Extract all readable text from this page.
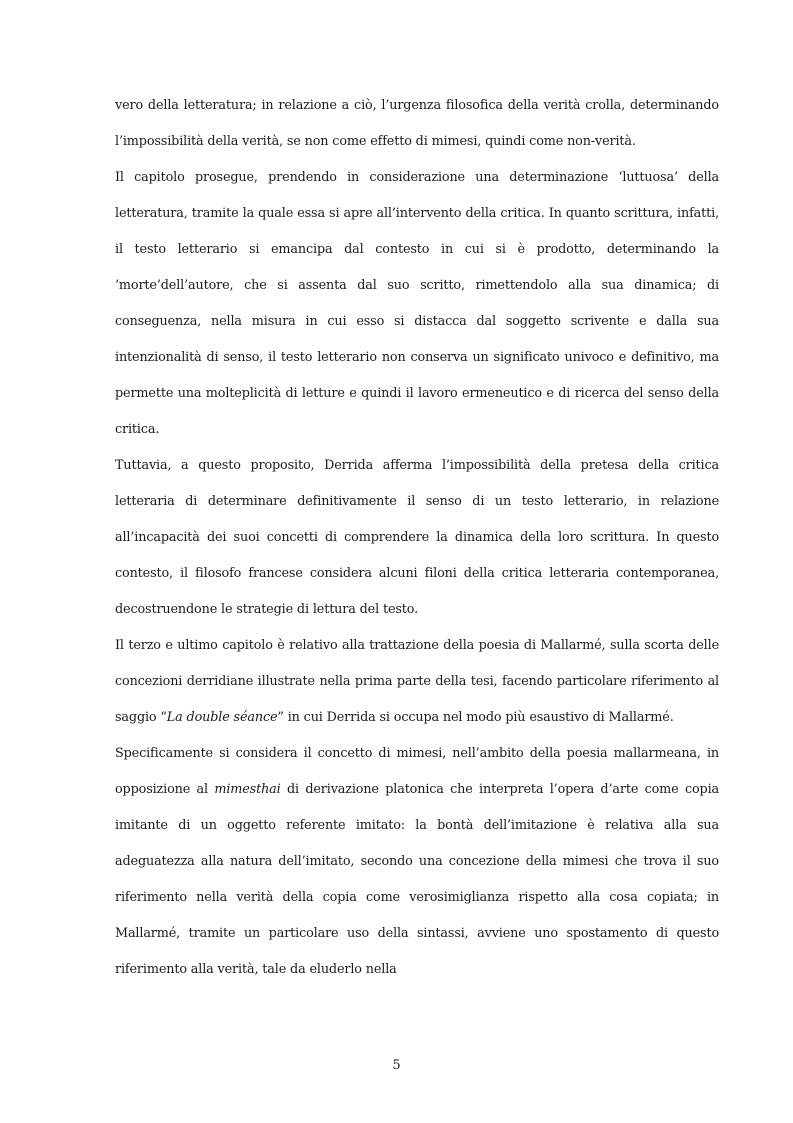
vero della letteratura; in relazione a ciò, l’urgenza filosofica della verità crolla, determinando l’impossibilità della verità, se non come effetto di mimesi, quindi come non-verità.

Il capitolo prosegue, prendendo in considerazione una determinazione ‘luttuosa’ della letteratura, tramite la quale essa si apre all’intervento della critica. In quanto scrittura, infatti, il testo letterario si emancipa dal contesto in cui si è prodotto, determinando la ‘morte’dell’autore, che si assenta dal suo scritto, rimettendolo alla sua dinamica; di conseguenza, nella misura in cui esso si distacca dal soggetto scrivente e dalla sua intenzionalità di senso, il testo letterario non conserva un significato univoco e definitivo, ma permette una molteplicità di letture e quindi il lavoro ermeneutico e di ricerca del senso della critica.

Tuttavia, a questo proposito, Derrida afferma l’impossibilità della pretesa della critica letteraria di determinare definitivamente il senso di un testo letterario, in relazione all’incapacità dei suoi concetti di comprendere la dinamica della loro scrittura. In questo contesto, il filosofo francese considera alcuni filoni della critica letteraria contemporanea, decostruendone le strategie di lettura del testo.

Il terzo e ultimo capitolo è relativo alla trattazione della poesia di Mallarmé, sulla scorta delle concezioni derridiane illustrate nella prima parte della tesi, facendo particolare riferimento al saggio “La double séance” in cui Derrida si occupa nel modo più esaustivo di Mallarmé.

Specificamente si considera il concetto di mimesi, nell’ambito della poesia mallarmeana, in opposizione al mimesthai di derivazione platonica che interpreta l’opera d’arte come copia imitante di un oggetto referente imitato: la bontà dell’imitazione è relativa alla sua adeguatezza alla natura dell’imitato, secondo una concezione della mimesi che trova il suo riferimento nella verità della copia come verosimiglianza rispetto alla cosa copiata; in Mallarmé, tramite un particolare uso della sintassi, avviene uno spostamento di questo riferimento alla verità, tale da eluderlo nella

5
